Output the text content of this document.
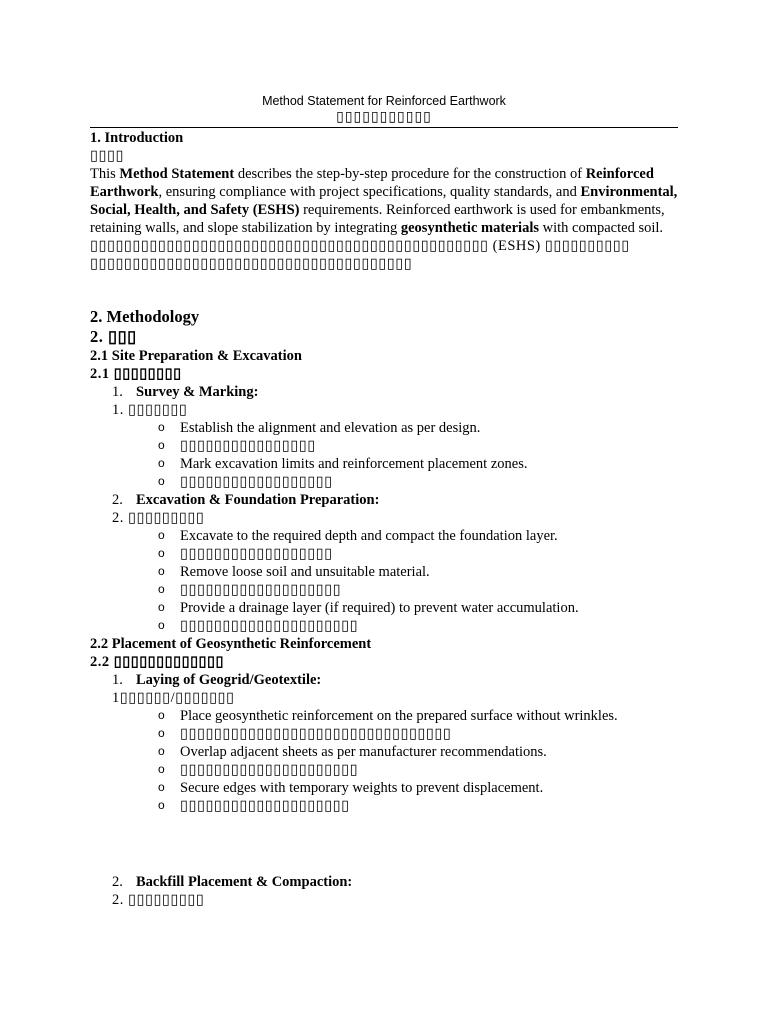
Method Statement for Reinforced Earthwork
▯▯▯▯▯▯▯▯▯▯▯
1. Introduction
▯▯▯▯

This Method Statement describes the step-by-step procedure for the construction of Reinforced Earthwork, ensuring compliance with project specifications, quality standards, and Environmental, Social, Health, and Safety (ESHS) requirements. Reinforced earthwork is used for embankments, retaining walls, and slope stabilization by integrating geosynthetic materials with compacted soil.

▯▯▯▯▯▯▯▯▯▯▯▯▯▯▯▯▯▯▯▯▯▯▯▯▯▯▯▯▯▯▯▯▯▯▯▯▯▯▯▯▯▯▯▯▯▯▯ (ESHS) ▯▯▯▯▯▯▯▯▯▯
▯▯▯▯▯▯▯▯▯▯▯▯▯▯▯▯▯▯▯▯▯▯▯▯▯▯▯▯▯▯▯▯▯▯▯▯▯▯
2. Methodology
2. ▯▯▯
2.1 Site Preparation & Excavation
2.1 ▯▯▯▯▯▯▯▯
1. Survey & Marking:
1. ▯▯▯▯▯▯▯

o Establish the alignment and elevation as per design.
o ▯▯▯▯▯▯▯▯▯▯▯▯▯▯▯▯
o Mark excavation limits and reinforcement placement zones.
o ▯▯▯▯▯▯▯▯▯▯▯▯▯▯▯▯▯▯
2. Excavation & Foundation Preparation:
2. ▯▯▯▯▯▯▯▯▯

o Excavate to the required depth and compact the foundation layer.
o ▯▯▯▯▯▯▯▯▯▯▯▯▯▯▯▯▯▯
o Remove loose soil and unsuitable material.
o ▯▯▯▯▯▯▯▯▯▯▯▯▯▯▯▯▯▯▯
o Provide a drainage layer (if required) to prevent water accumulation.
o ▯▯▯▯▯▯▯▯▯▯▯▯▯▯▯▯▯▯▯▯▯
2.2 Placement of Geosynthetic Reinforcement
2.2 ▯▯▯▯▯▯▯▯▯▯▯▯▯
1. Laying of Geogrid/Geotextile:
1▯▯▯▯▯▯/▯▯▯▯▯▯▯

o Place geosynthetic reinforcement on the prepared surface without wrinkles.
o ▯▯▯▯▯▯▯▯▯▯▯▯▯▯▯▯▯▯▯▯▯▯▯▯▯▯▯▯▯▯▯▯
o Overlap adjacent sheets as per manufacturer recommendations.
o ▯▯▯▯▯▯▯▯▯▯▯▯▯▯▯▯▯▯▯▯▯
o Secure edges with temporary weights to prevent displacement.
o ▯▯▯▯▯▯▯▯▯▯▯▯▯▯▯▯▯▯▯▯
2. Backfill Placement & Compaction:
2. ▯▯▯▯▯▯▯▯▯
